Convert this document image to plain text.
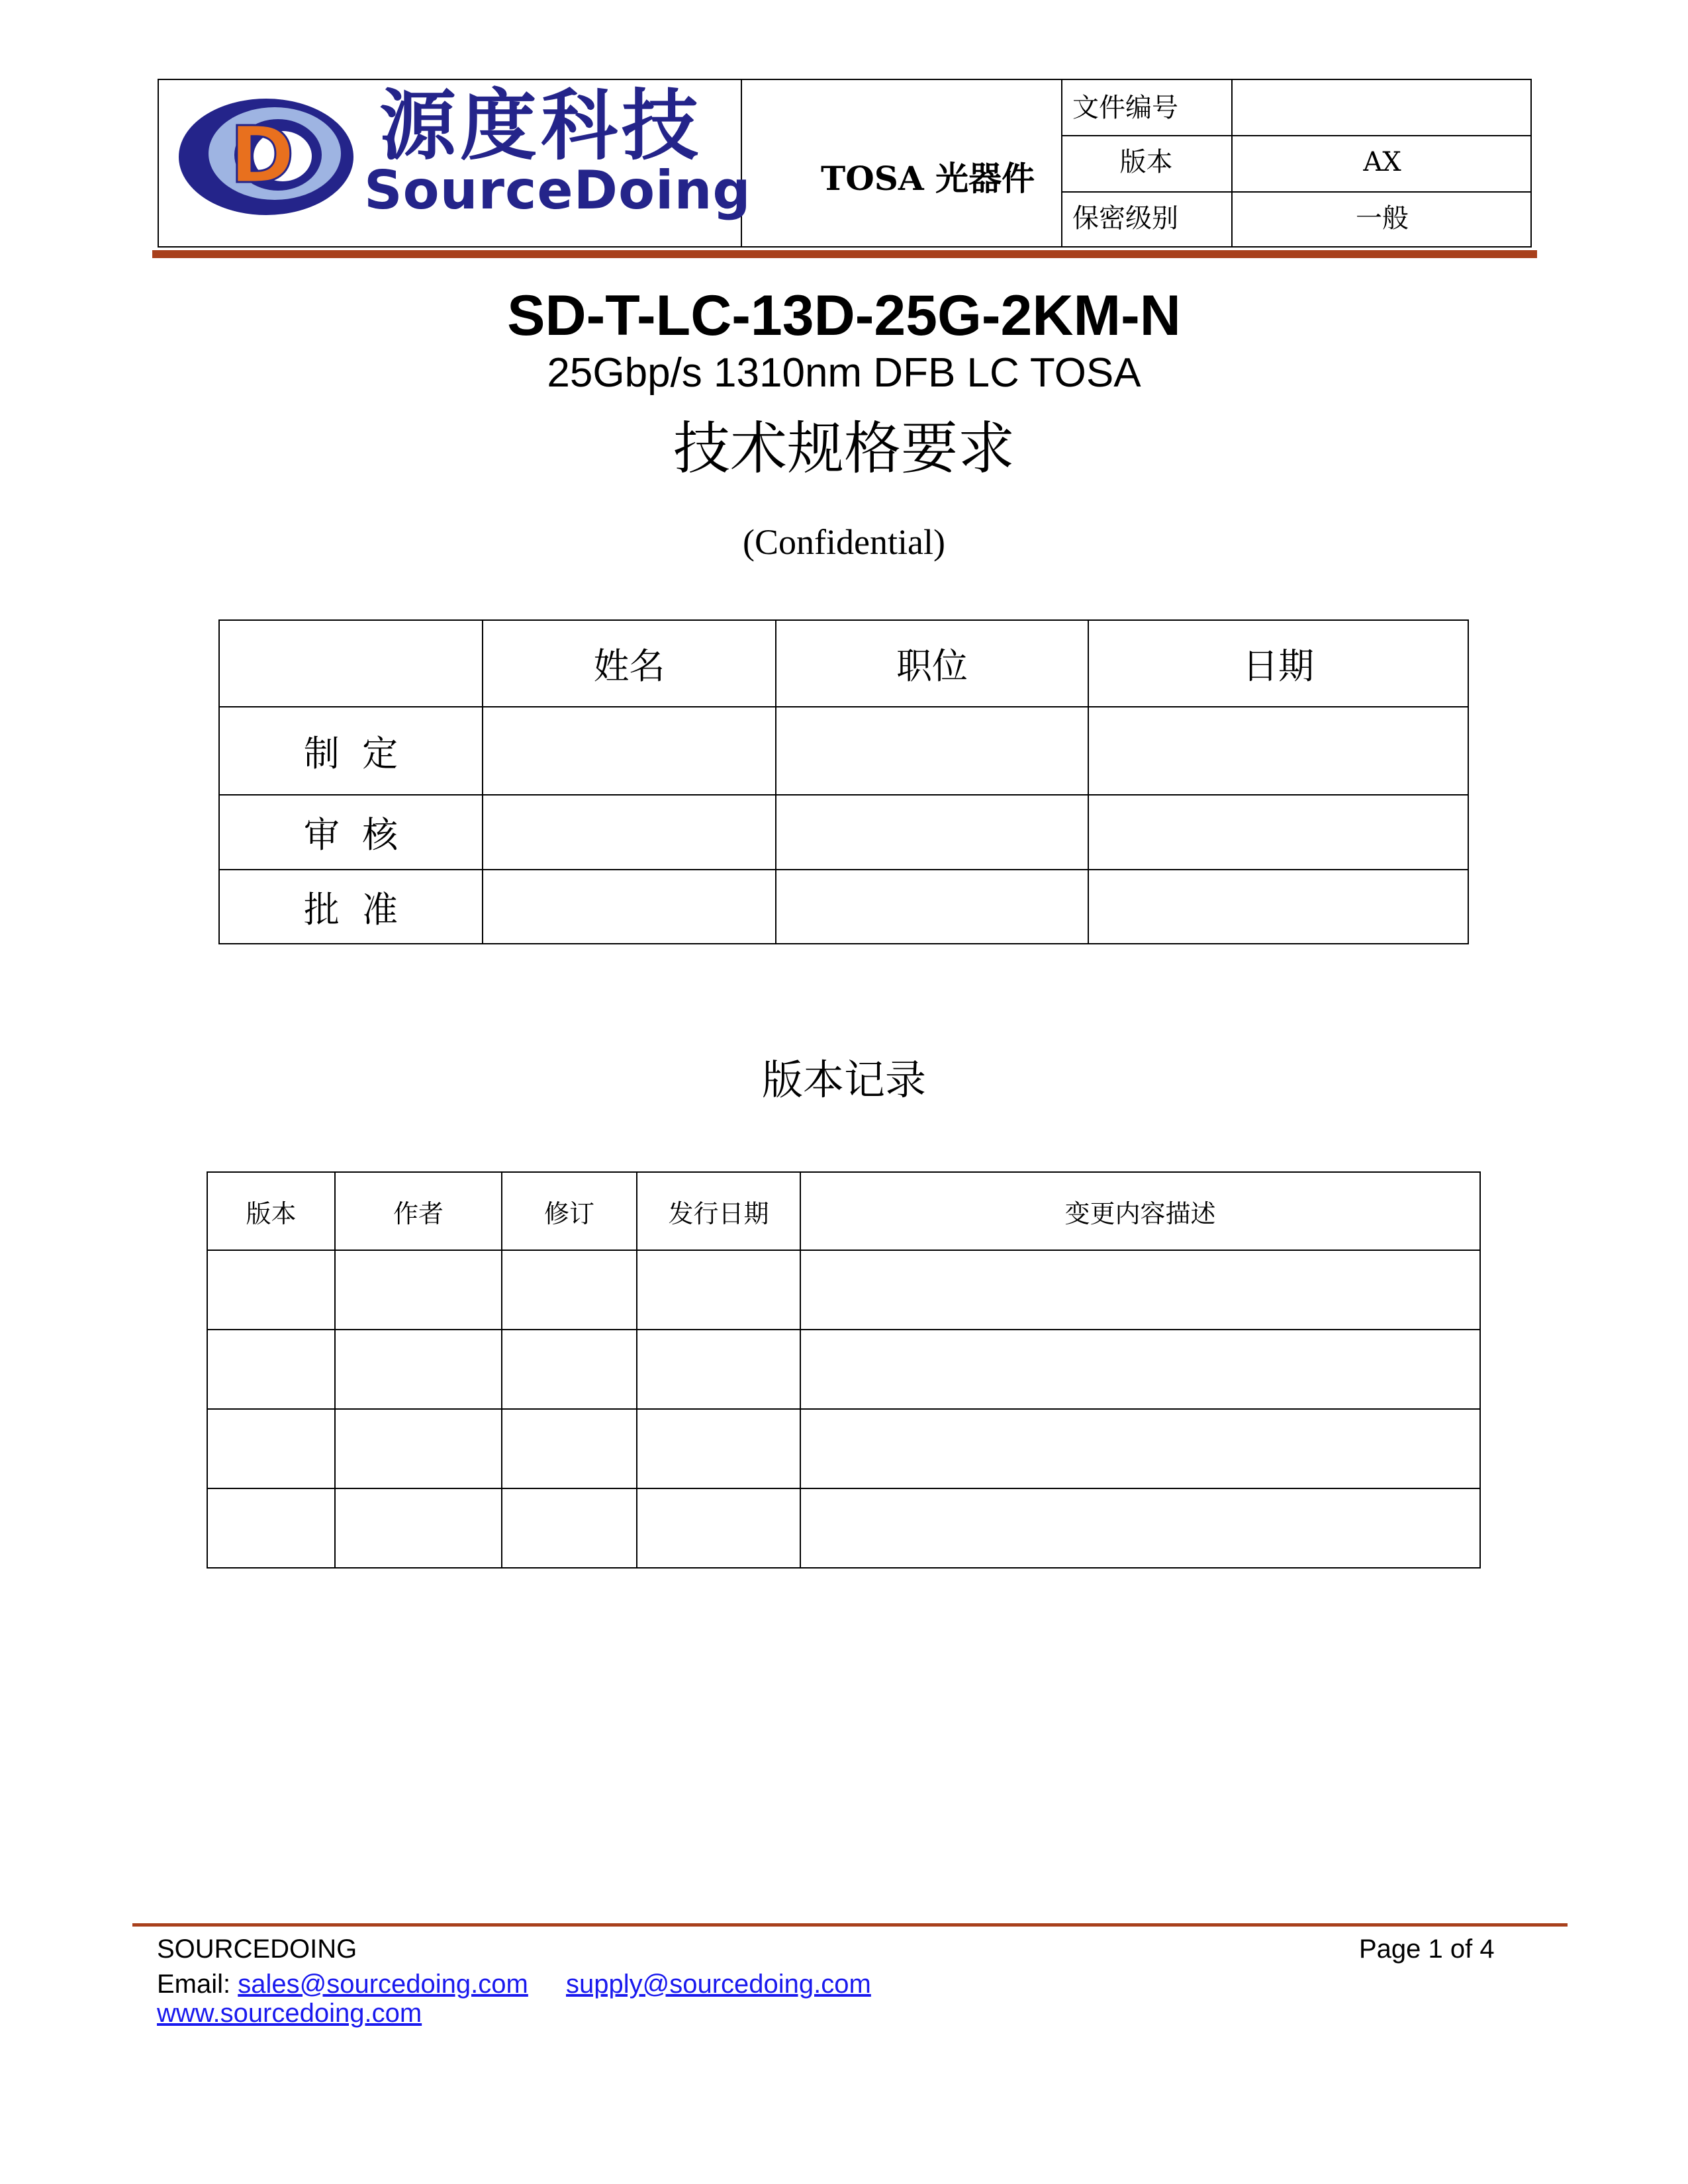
TOSA 光器件
文件编号
版本	AX
保密级别	一般
D 源度科技
SourceDoing
SD-T-LC-13D-25G-2KM-N
25Gbp/s 1310nm DFB LC TOSA
技术规格要求
(Confidential)
	姓名	职位	日期
制  定			
审  核			
批  准			
版本记录
版本	作者	修订	发行日期	变更内容描述

SOURCEDOING	Page 1 of 4
Email: sales@sourcedoing.com supply@sourcedoing.com
www.sourcedoing.com
